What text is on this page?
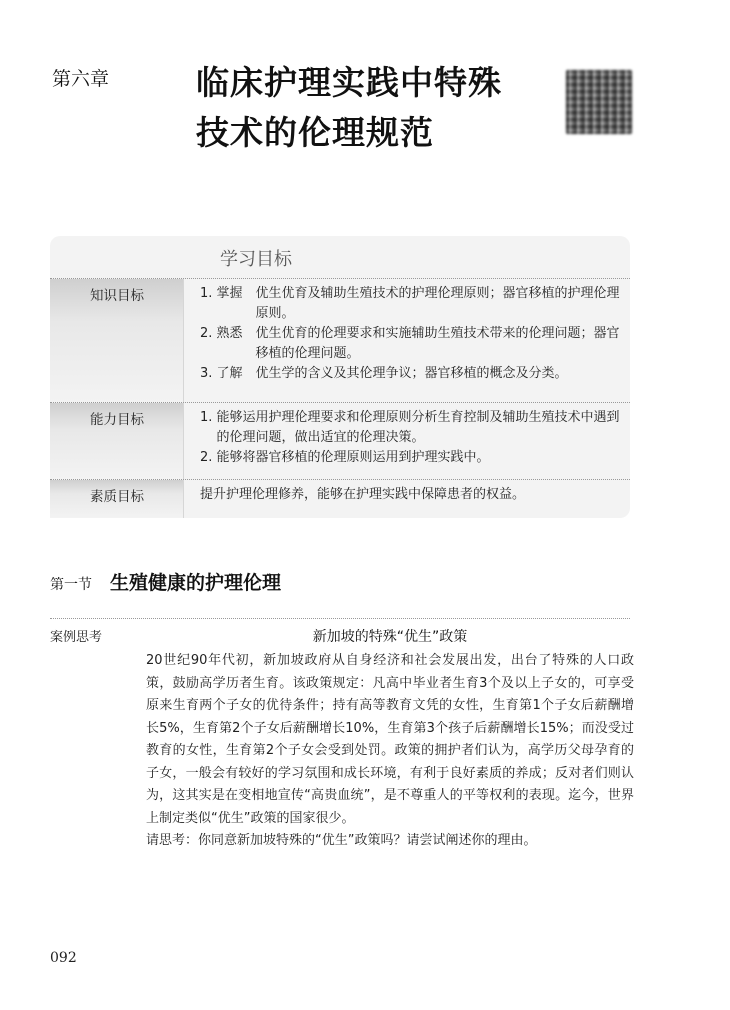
第六章	临床护理实践中特殊
技术的伦理规范
学习目标
知识目标	1. 掌握　 优生优育及辅助生殖技术的护理伦理原则；器官移植的护理伦理原则。
2. 熟悉　 优生优育的伦理要求和实施辅助生殖技术带来的伦理问题；器官移植的伦理问题。
3. 了解　 优生学的含义及其伦理争议；器官移植的概念及分类。
能力目标	1. 能够运用护理伦理要求和伦理原则分析生育控制及辅助生殖技术中遇到的伦理问题，做出适宜的伦理决策。
2. 能够将器官移植的伦理原则运用到护理实践中。
素质目标	提升护理伦理修养，能够在护理实践中保障患者的权益。
第一节 生殖健康的护理伦理
案例思考	新加坡的特殊“优生”政策
20世纪90年代初，新加坡政府从自身经济和社会发展出发，出台了特殊的人口政策，鼓励高学历者生育。该政策规定：凡高中毕业者生育3个及以上子女的，可享受原来生育两个子女的优待条件；持有高等教育文凭的女性，生育第1个子女后薪酬增长5%，生育第2个子女后薪酬增长10%，生育第3个孩子后薪酬增长15%；而没受过教育的女性，生育第2个子女会受到处罚。政策的拥护者们认为，高学历父母孕育的子女，一般会有较好的学习氛围和成长环境，有利于良好素质的养成；反对者们则认为，这其实是在变相地宣传“高贵血统”，是不尊重人的平等权利的表现。迄今，世界上制定类似“优生”政策的国家很少。
请思考：你同意新加坡特殊的“优生”政策吗？请尝试阐述你的理由。
092
